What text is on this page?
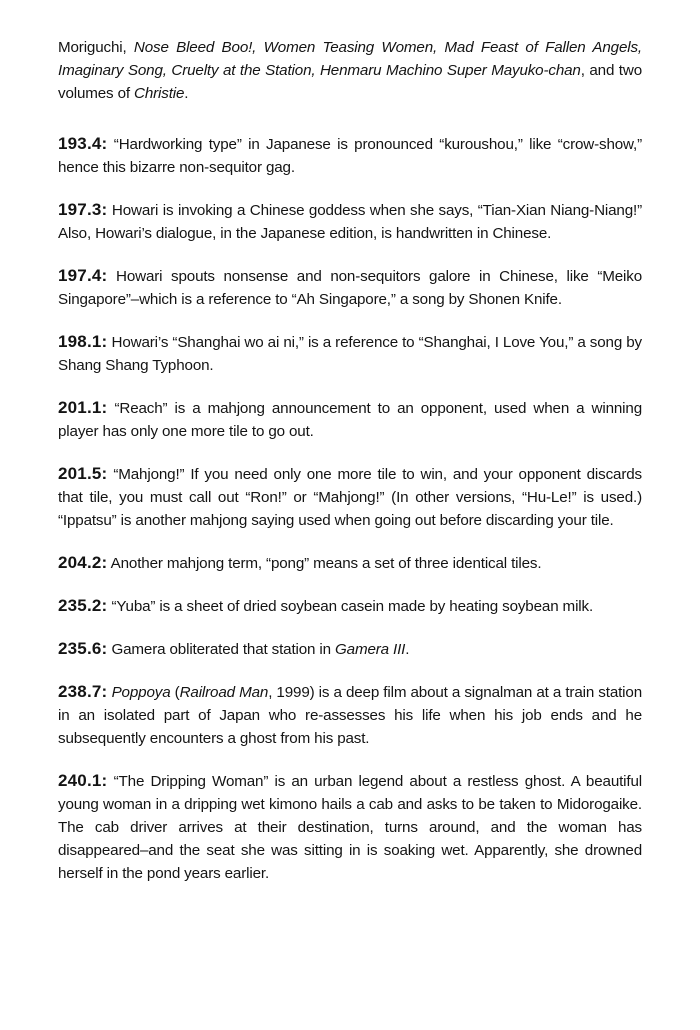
Moriguchi, Nose Bleed Boo!, Women Teasing Women, Mad Feast of Fallen Angels, Imaginary Song, Cruelty at the Station, Henmaru Machino Super Mayuko-chan, and two volumes of Christie.

193.4: “Hardworking type” in Japanese is pronounced “kuroushou,” like “crow-show,” hence this bizarre non-sequitor gag.

197.3: Howari is invoking a Chinese goddess when she says, “Tian-Xian Niang-Niang!” Also, Howari’s dialogue, in the Japanese edition, is handwritten in Chinese.

197.4: Howari spouts nonsense and non-sequitors galore in Chinese, like “Meiko Singapore”–which is a reference to “Ah Singapore,” a song by Shonen Knife.

198.1: Howari’s “Shanghai wo ai ni,” is a reference to “Shanghai, I Love You,” a song by Shang Shang Typhoon.

201.1: “Reach” is a mahjong announcement to an opponent, used when a winning player has only one more tile to go out.

201.5: “Mahjong!” If you need only one more tile to win, and your opponent discards that tile, you must call out “Ron!” or “Mahjong!” (In other versions, “Hu-Le!” is used.) “Ippatsu” is another mahjong saying used when going out before discarding your tile.

204.2: Another mahjong term, “pong” means a set of three identical tiles.

235.2: “Yuba” is a sheet of dried soybean casein made by heating soybean milk.

235.6: Gamera obliterated that station in Gamera III.

238.7: Poppoya (Railroad Man, 1999) is a deep film about a signalman at a train station in an isolated part of Japan who re-assesses his life when his job ends and he subsequently encounters a ghost from his past.

240.1: “The Dripping Woman” is an urban legend about a restless ghost. A beautiful young woman in a dripping wet kimono hails a cab and asks to be taken to Midorogaike. The cab driver arrives at their destination, turns around, and the woman has disappeared–and the seat she was sitting in is soaking wet. Apparently, she drowned herself in the pond years earlier.
